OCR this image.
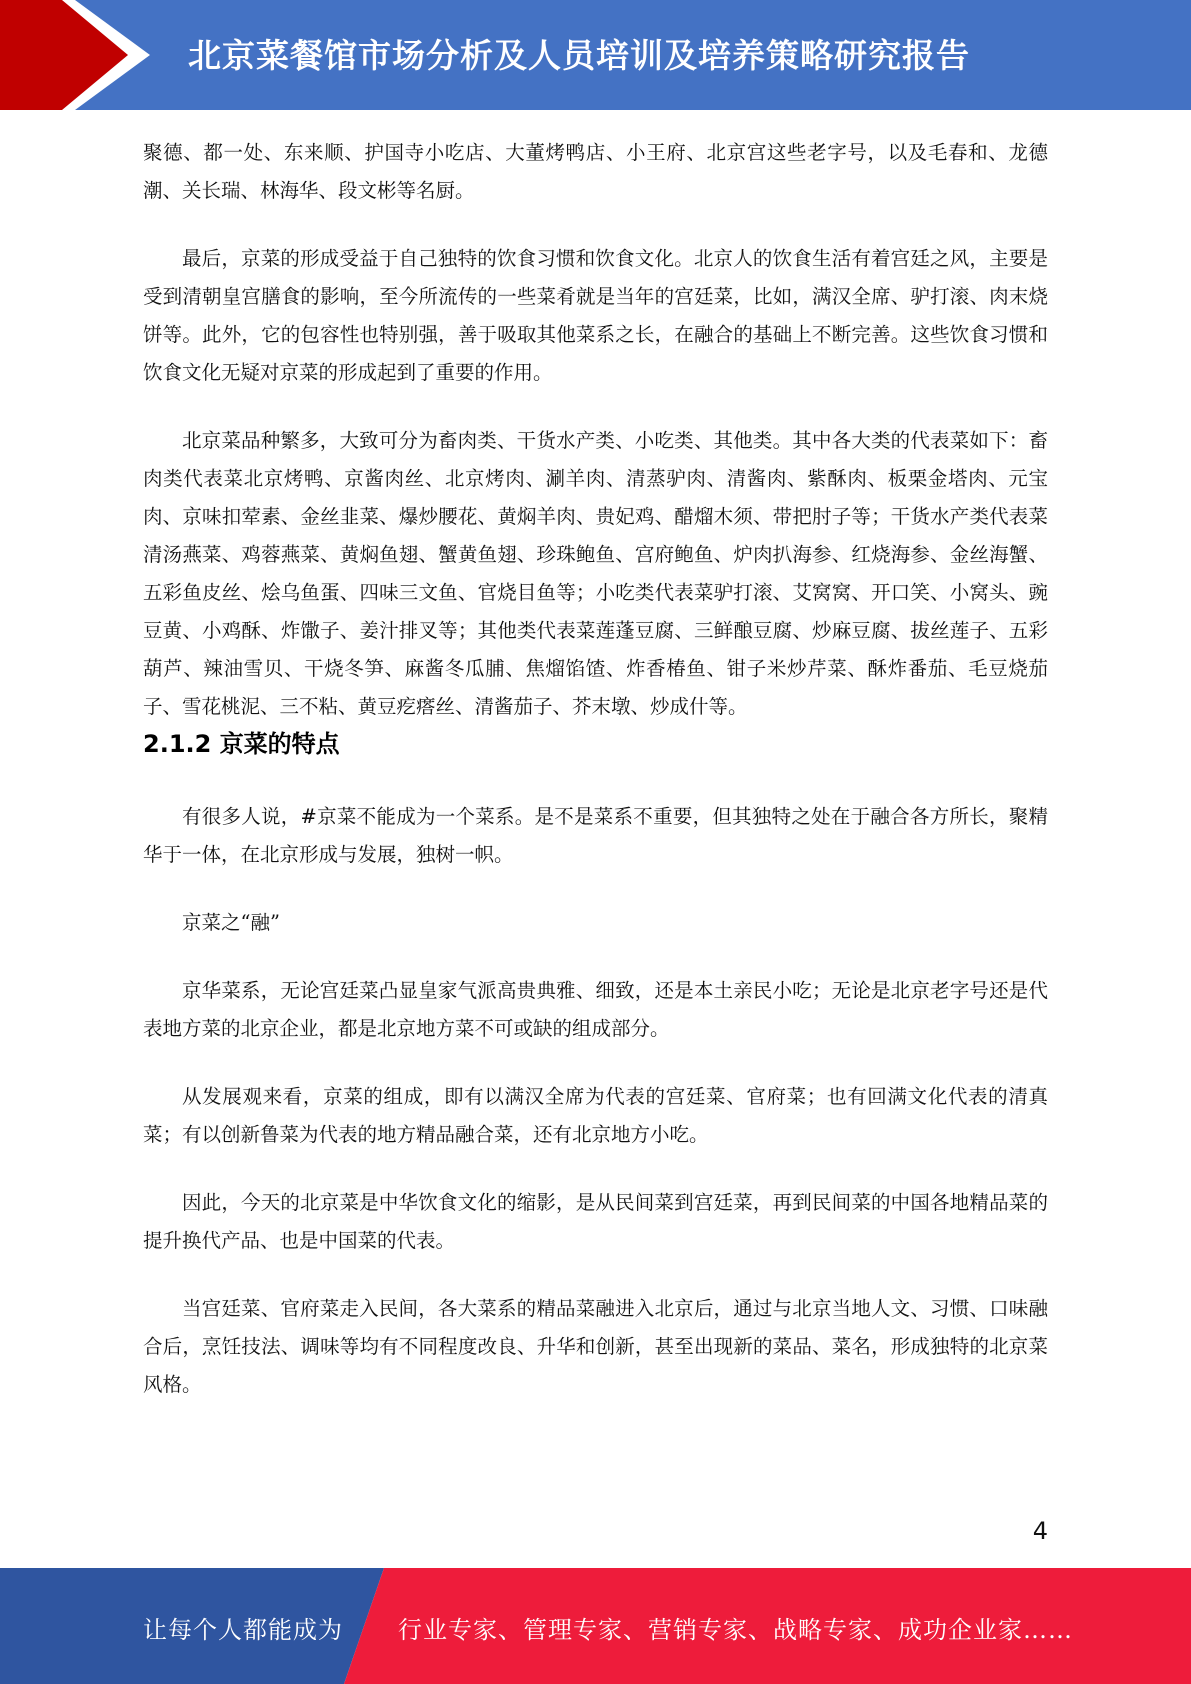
北京菜餐馆市场分析及人员培训及培养策略研究报告

聚德、都一处、东来顺、护国寺小吃店、大董烤鸭店、小王府、北京宫这些老字号，以及毛春和、龙德潮、关长瑞、林海华、段文彬等名厨。

最后，京菜的形成受益于自己独特的饮食习惯和饮食文化。北京人的饮食生活有着宫廷之风，主要是受到清朝皇宫膳食的影响，至今所流传的一些菜肴就是当年的宫廷菜，比如，满汉全席、驴打滚、肉末烧饼等。此外，它的包容性也特别强，善于吸取其他菜系之长，在融合的基础上不断完善。这些饮食习惯和饮食文化无疑对京菜的形成起到了重要的作用。

北京菜品种繁多，大致可分为畜肉类、干货水产类、小吃类、其他类。其中各大类的代表菜如下：畜肉类代表菜北京烤鸭、京酱肉丝、北京烤肉、涮羊肉、清蒸驴肉、清酱肉、紫酥肉、板栗金塔肉、元宝肉、京味扣荤素、金丝韭菜、爆炒腰花、黄焖羊肉、贵妃鸡、醋熘木须、带把肘子等；干货水产类代表菜清汤燕菜、鸡蓉燕菜、黄焖鱼翅、蟹黄鱼翅、珍珠鲍鱼、宫府鲍鱼、炉肉扒海参、红烧海参、金丝海蟹、五彩鱼皮丝、烩乌鱼蛋、四味三文鱼、官烧目鱼等；小吃类代表菜驴打滚、艾窝窝、开口笑、小窝头、豌豆黄、小鸡酥、炸馓子、姜汁排叉等；其他类代表菜莲蓬豆腐、三鲜酿豆腐、炒麻豆腐、拔丝莲子、五彩葫芦、辣油雪贝、干烧冬笋、麻酱冬瓜脯、焦熘馅馇、炸香椿鱼、钳子米炒芹菜、酥炸番茄、毛豆烧茄子、雪花桃泥、三不粘、黄豆疙瘩丝、清酱茄子、芥末墩、炒成什等。

2.1.2 京菜的特点

有很多人说，#京菜不能成为一个菜系。是不是菜系不重要，但其独特之处在于融合各方所长，聚精华于一体，在北京形成与发展，独树一帜。

京菜之“融”

京华菜系，无论宫廷菜凸显皇家气派高贵典雅、细致，还是本土亲民小吃；无论是北京老字号还是代表地方菜的北京企业，都是北京地方菜不可或缺的组成部分。

从发展观来看，京菜的组成，即有以满汉全席为代表的宫廷菜、官府菜；也有回满文化代表的清真菜；有以创新鲁菜为代表的地方精品融合菜，还有北京地方小吃。

因此，今天的北京菜是中华饮食文化的缩影，是从民间菜到宫廷菜，再到民间菜的中国各地精品菜的提升换代产品、也是中国菜的代表。

当宫廷菜、官府菜走入民间，各大菜系的精品菜融进入北京后，通过与北京当地人文、习惯、口味融合后，烹饪技法、调味等均有不同程度改良、升华和创新，甚至出现新的菜品、菜名，形成独特的北京菜风格。

4
让每个人都能成为 行业专家、管理专家、营销专家、战略专家、成功企业家……
